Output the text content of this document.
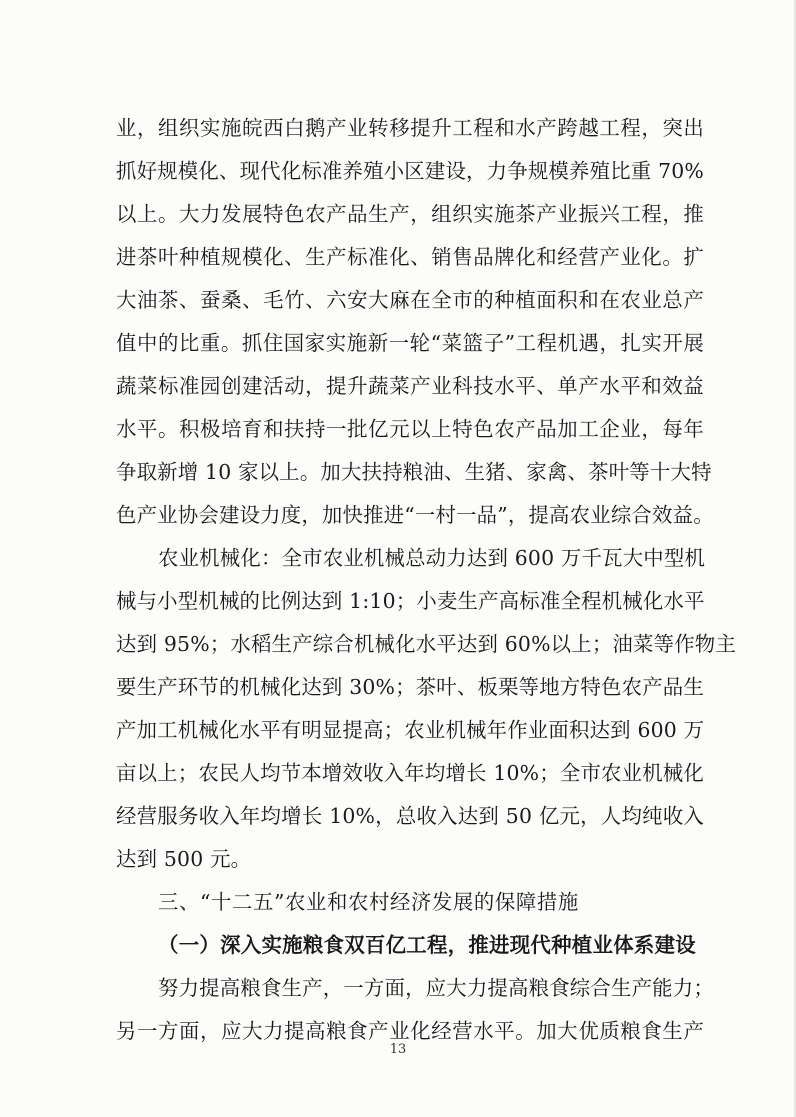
业，组织实施皖西白鹅产业转移提升工程和水产跨越工程，突出
抓好规模化、现代化标准养殖小区建设，力争规模养殖比重 70%
以上。大力发展特色农产品生产，组织实施茶产业振兴工程，推
进茶叶种植规模化、生产标准化、销售品牌化和经营产业化。扩
大油茶、蚕桑、毛竹、六安大麻在全市的种植面积和在农业总产
值中的比重。抓住国家实施新一轮“菜篮子”工程机遇，扎实开展
蔬菜标准园创建活动，提升蔬菜产业科技水平、单产水平和效益
水平。积极培育和扶持一批亿元以上特色农产品加工企业，每年
争取新增 10 家以上。加大扶持粮油、生猪、家禽、茶叶等十大特
色产业协会建设力度，加快推进“一村一品”，提高农业综合效益。
农业机械化：全市农业机械总动力达到 600 万千瓦大中型机
械与小型机械的比例达到 1:10；小麦生产高标准全程机械化水平
达到 95%；水稻生产综合机械化水平达到 60%以上；油菜等作物主
要生产环节的机械化达到 30%；茶叶、板栗等地方特色农产品生
产加工机械化水平有明显提高；农业机械年作业面积达到 600 万
亩以上；农民人均节本增效收入年均增长 10%；全市农业机械化
经营服务收入年均增长 10%，总收入达到 50 亿元，人均纯收入
达到 500 元。
三、“十二五”农业和农村经济发展的保障措施
（一）深入实施粮食双百亿工程，推进现代种植业体系建设
努力提高粮食生产，一方面，应大力提高粮食综合生产能力；
另一方面，应大力提高粮食产业化经营水平。加大优质粮食生产
13
